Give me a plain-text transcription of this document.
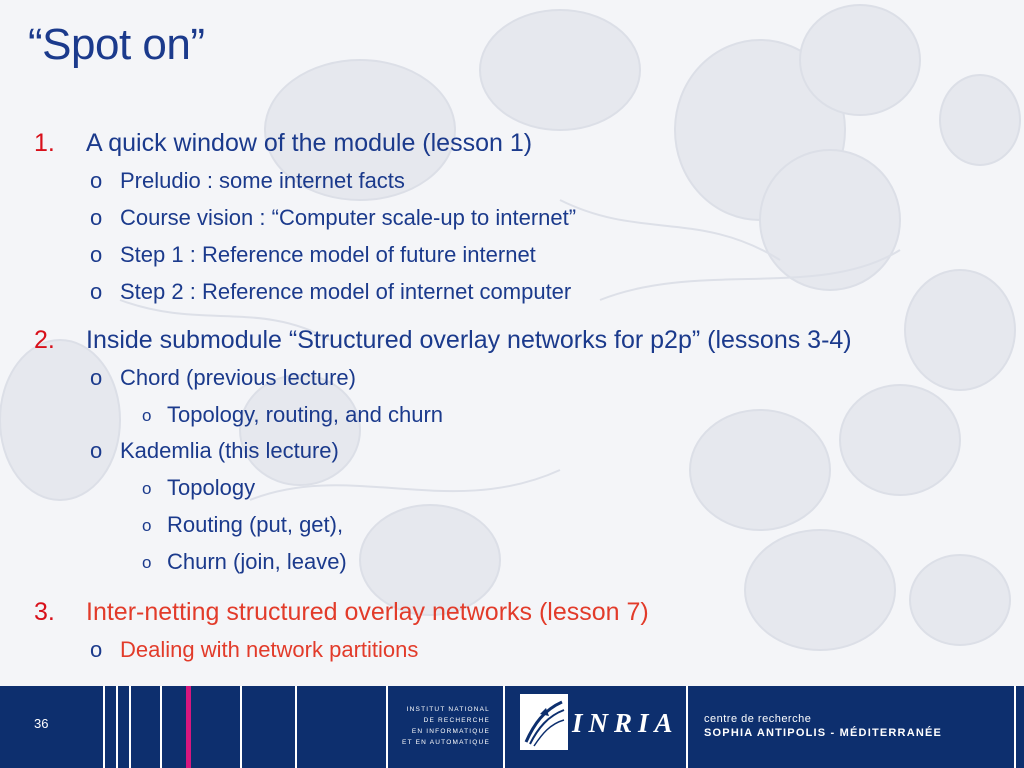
“Spot on”
1. A quick window of the module (lesson 1)
o Preludio : some internet facts
o Course vision : “Computer scale-up to internet”
o Step 1 : Reference model of future internet
o Step 2 : Reference model of internet computer
2. Inside submodule “Structured overlay networks for p2p” (lessons 3-4)
o Chord (previous lecture)
o Topology, routing, and churn
o Kademlia (this lecture)
o Topology
o Routing (put, get),
o Churn (join, leave)
3. Inter-netting structured overlay networks (lesson 7)
o Dealing with network partitions
36
INSTITUT NATIONAL
DE RECHERCHE
EN INFORMATIQUE
ET EN AUTOMATIQUE
INRIA centre de recherche
SOPHIA ANTIPOLIS - MÉDITERRANÉE
